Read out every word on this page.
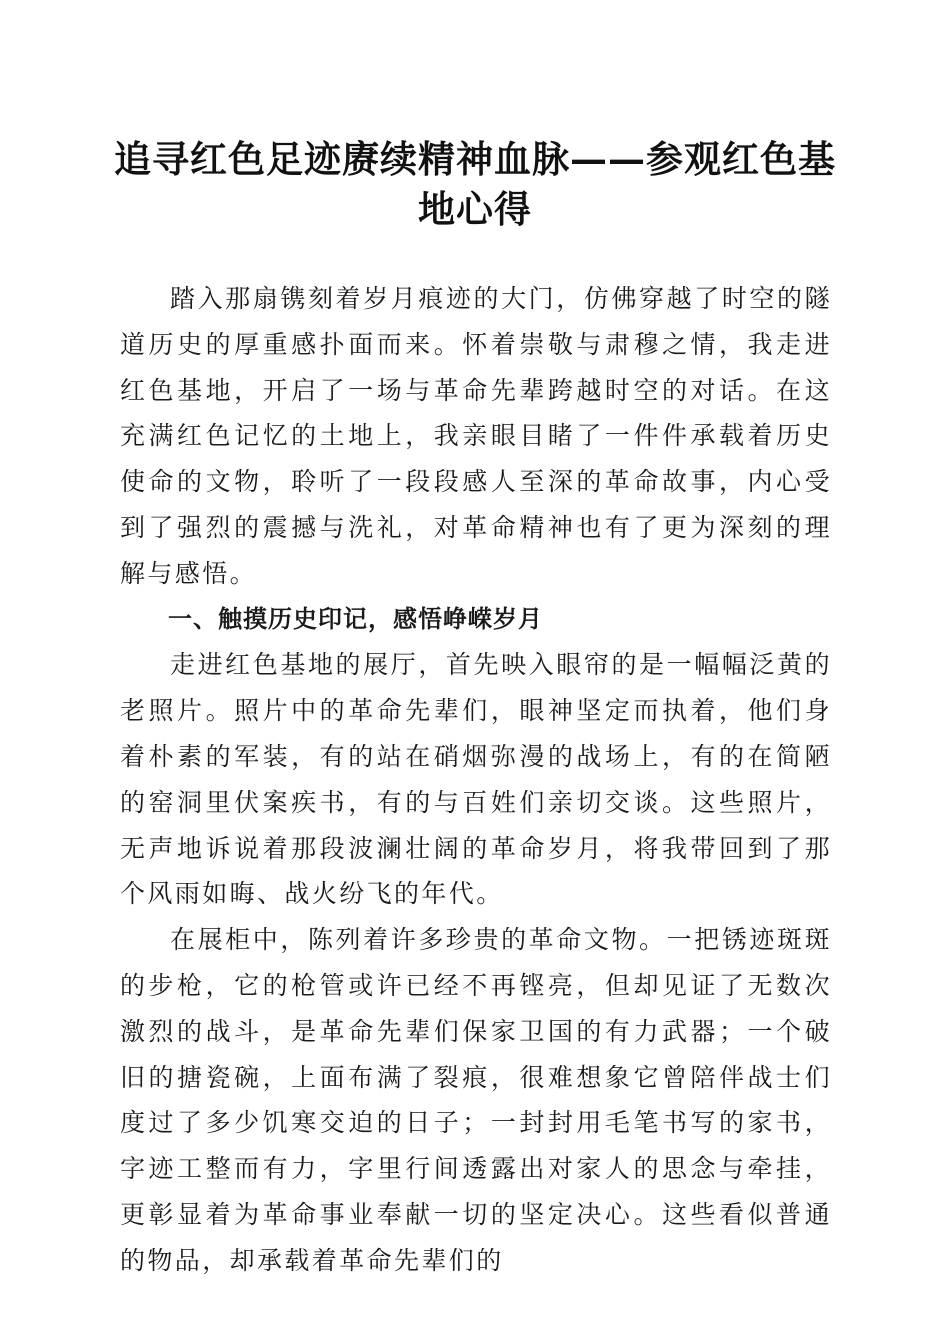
追寻红色足迹赓续精神血脉——参观红色基地心得

踏入那扇镌刻着岁月痕迹的大门，仿佛穿越了时空的隧道历史的厚重感扑面而来。怀着崇敬与肃穆之情，我走进红色基地，开启了一场与革命先辈跨越时空的对话。在这充满红色记忆的土地上，我亲眼目睹了一件件承载着历史使命的文物，聆听了一段段感人至深的革命故事，内心受到了强烈的震撼与洗礼，对革命精神也有了更为深刻的理解与感悟。

一、触摸历史印记，感悟峥嵘岁月

走进红色基地的展厅，首先映入眼帘的是一幅幅泛黄的老照片。照片中的革命先辈们，眼神坚定而执着，他们身着朴素的军装，有的站在硝烟弥漫的战场上，有的在简陋的窑洞里伏案疾书，有的与百姓们亲切交谈。这些照片，无声地诉说着那段波澜壮阔的革命岁月，将我带回到了那个风雨如晦、战火纷飞的年代。

在展柜中，陈列着许多珍贵的革命文物。一把锈迹斑斑的步枪，它的枪管或许已经不再铿亮，但却见证了无数次激烈的战斗，是革命先辈们保家卫国的有力武器；一个破旧的搪瓷碗，上面布满了裂痕，很难想象它曾陪伴战士们度过了多少饥寒交迫的日子；一封封用毛笔书写的家书，字迹工整而有力，字里行间透露出对家人的思念与牵挂，更彰显着为革命事业奉献一切的坚定决心。这些看似普通的物品，却承载着革命先辈们的
